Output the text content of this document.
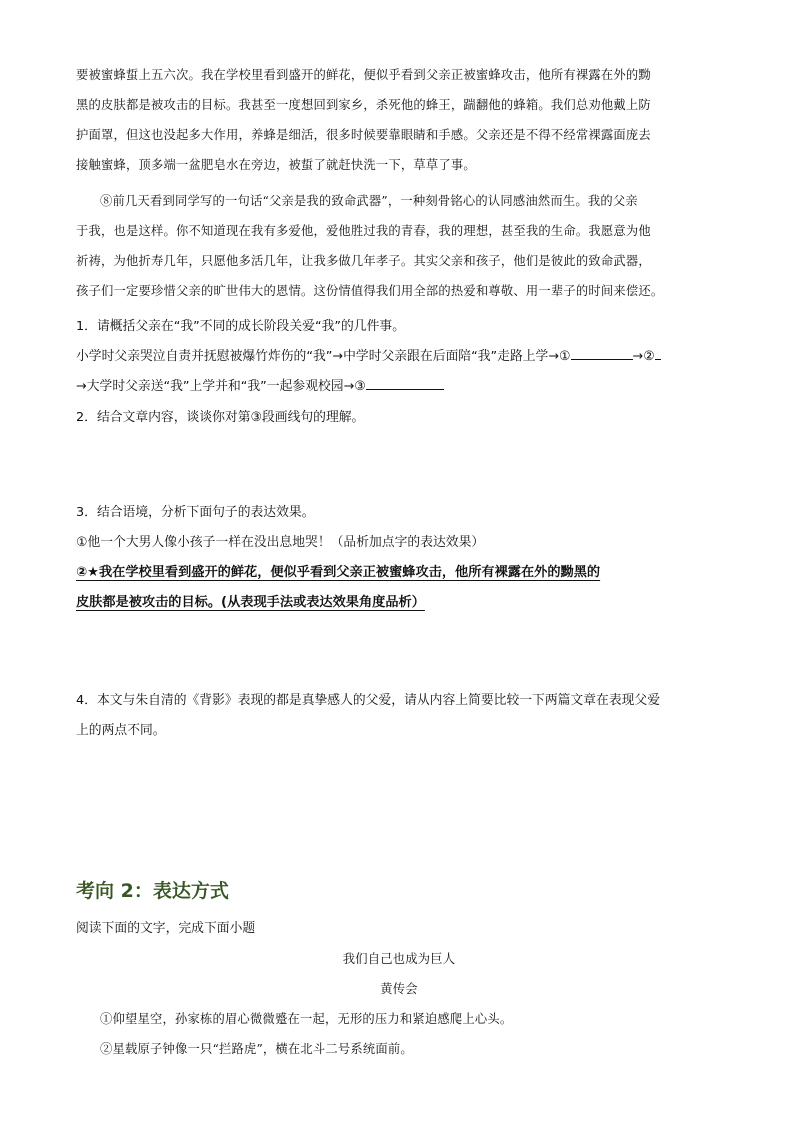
要被蜜蜂蜇上五六次。我在学校里看到盛开的鲜花，便似乎看到父亲正被蜜蜂攻击，他所有裸露在外的黝

黑的皮肤都是被攻击的目标。我甚至一度想回到家乡，杀死他的蜂王，踹翻他的蜂箱。我们总劝他戴上防

护面罩，但这也没起多大作用，养蜂是细活，很多时候要靠眼睛和手感。父亲还是不得不经常裸露面庞去

接触蜜蜂，顶多端一盆肥皂水在旁边，被蜇了就赶快洗一下，草草了事。

⑧前几天看到同学写的一句话“父亲是我的致命武器”，一种刻骨铭心的认同感油然而生。我的父亲

于我，也是这样。你不知道现在我有多爱他，爱他胜过我的青春，我的理想，甚至我的生命。我愿意为他

祈祷，为他折寿几年，只愿他多活几年，让我多做几年孝子。其实父亲和孩子，他们是彼此的致命武器，

孩子们一定要珍惜父亲的旷世伟大的恩情。这份情值得我们用全部的热爱和尊敬、用一辈子的时间来偿还。

1．请概括父亲在“我”不同的成长阶段关爱“我”的几件事。

小学时父亲哭泣自责并抚慰被爆竹炸伤的“我”→中学时父亲跟在后面陪“我”走路上学→①	→②

→大学时父亲送“我”上学并和“我”一起参观校园→③

2．结合文章内容，谈谈你对第③段画线句的理解。

3．结合语境，分析下面句子的表达效果。

①他一个大男人像小孩子一样在没出息地哭！（品析加点字的表达效果）

②★我在学校里看到盛开的鲜花，便似乎看到父亲正被蜜蜂攻击，他所有裸露在外的黝黑的

皮肤都是被攻击的目标。(从表现手法或表达效果角度品析）

4．本文与朱自清的《背影》表现的都是真挚感人的父爱，请从内容上简要比较一下两篇文章在表现父爱

上的两点不同。

考向 2：表达方式

阅读下面的文字，完成下面小题

我们自己也成为巨人

黄传会

①仰望星空，孙家栋的眉心微微蹙在一起，无形的压力和紧迫感爬上心头。

②星载原子钟像一只“拦路虎”，横在北斗二号系统面前。
